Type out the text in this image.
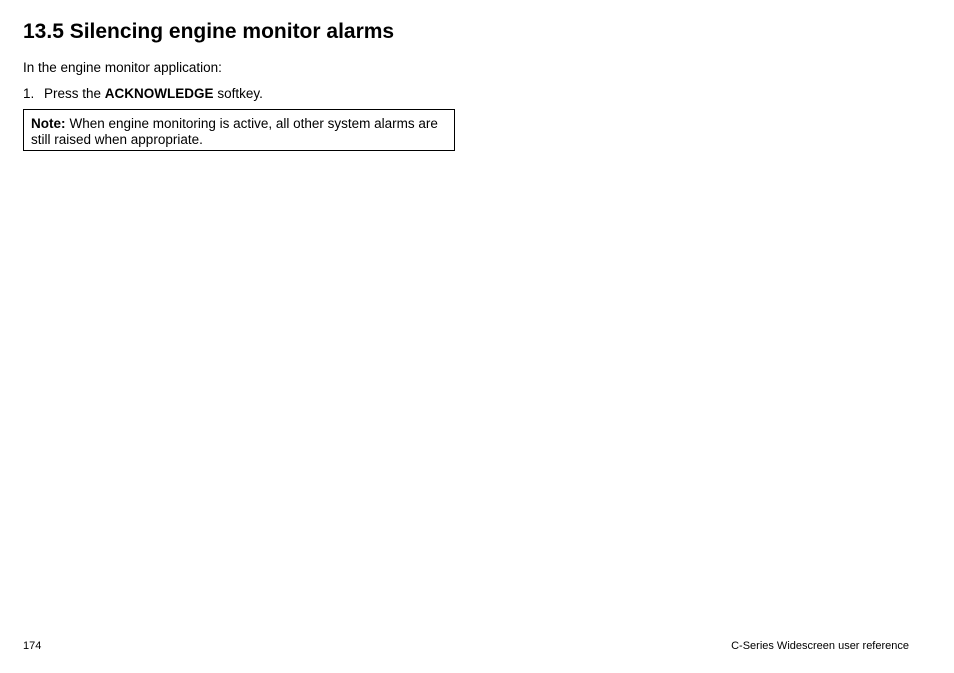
13.5 Silencing engine monitor alarms

In the engine monitor application:

1. Press the ACKNOWLEDGE softkey.

Note: When engine monitoring is active, all other system alarms are still raised when appropriate.
174	C-Series Widescreen user reference
